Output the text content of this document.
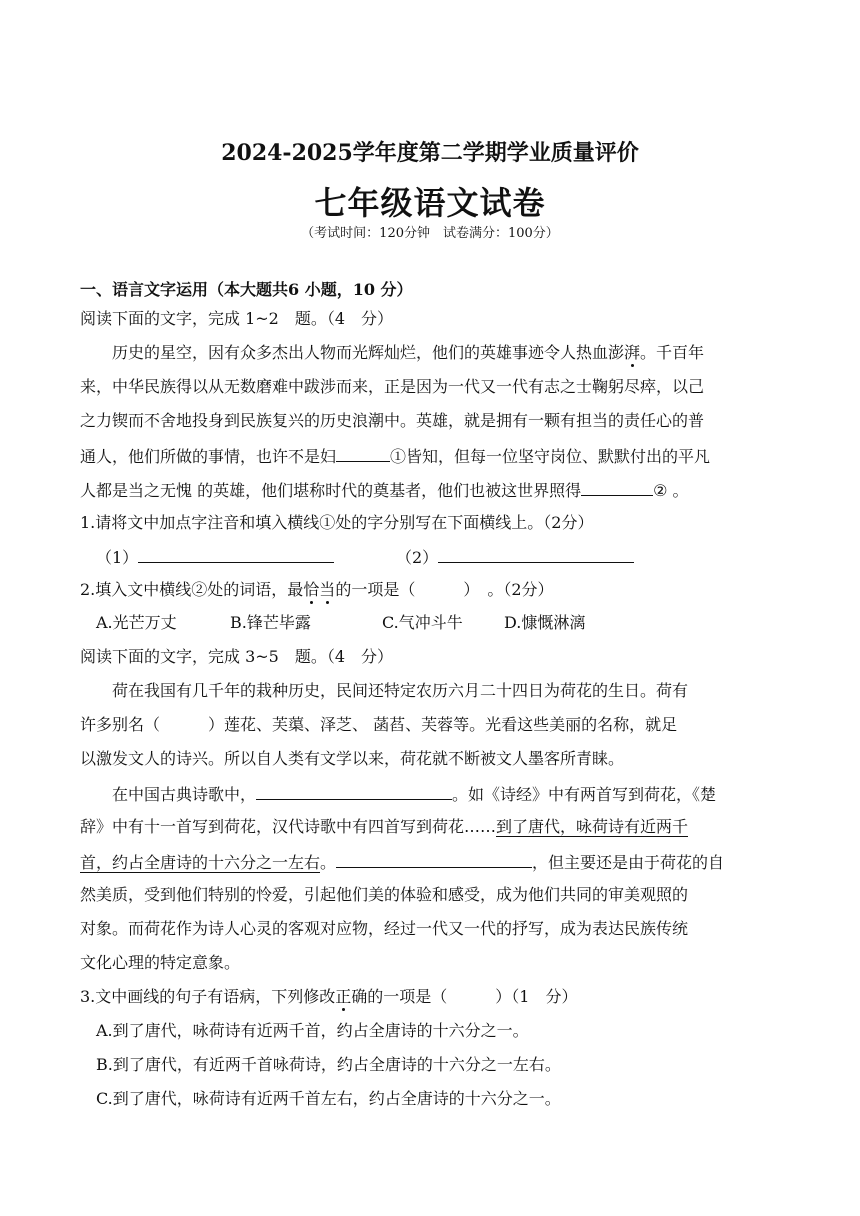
2024-2025学年度第二学期学业质量评价
七年级语文试卷
（考试时间：120分钟　试卷满分：100分）
一、语言文字运用（本大题共6 小题，10 分）
阅读下面的文字，完成 1~2　题。（4　分）
历史的星空，因有众多杰出人物而光辉灿烂，他们的英雄事迹令人热血澎湃。千百年
来，中华民族得以从无数磨难中跋涉而来，正是因为一代又一代有志之士鞠躬尽瘁，以己
之力锲而不舍地投身到民族复兴的历史浪潮中。英雄，就是拥有一颗有担当的责任心的普
通人，他们所做的事情，也许不是妇	①皆知，但每一位坚守岗位、默默付出的平凡
人都是当之无愧 的英雄，他们堪称时代的奠基者，他们也被这世界照得	② 。
1.请将文中加点字注音和填入横线①处的字分别写在下面横线上。（2分）
（1）	（2）
2.填入文中横线②处的词语，最恰当的一项是（　　　）　。（2分）
A.光芒万丈	B.锋芒毕露	C.气冲斗牛	D.慷慨淋漓
阅读下面的文字，完成 3~5　题。（4　分）
荷在我国有几千年的栽种历史，民间还特定农历六月二十四日为荷花的生日。荷有
许多别名（　　　）莲花、芙蕖、泽芝、 菡萏、芙蓉等。光看这些美丽的名称，就足
以激发文人的诗兴。所以自人类有文学以来，荷花就不断被文人墨客所青睐。
在中国古典诗歌中，	。如《诗经》中有两首写到荷花，《楚
辞》中有十一首写到荷花，汉代诗歌中有四首写到荷花……到了唐代，咏荷诗有近两千
首，约占全唐诗的十六分之一左右。	，但主要还是由于荷花的自
然美质，受到他们特别的怜爱，引起他们美的体验和感受，成为他们共同的审美观照的
对象。而荷花作为诗人心灵的客观对应物，经过一代又一代的抒写，成为表达民族传统
文化心理的特定意象。
3.文中画线的句子有语病，下列修改正确的一项是（　　　）（1　分）
A.到了唐代，咏荷诗有近两千首，约占全唐诗的十六分之一。
B.到了唐代，有近两千首咏荷诗，约占全唐诗的十六分之一左右。
C.到了唐代，咏荷诗有近两千首左右，约占全唐诗的十六分之一。
